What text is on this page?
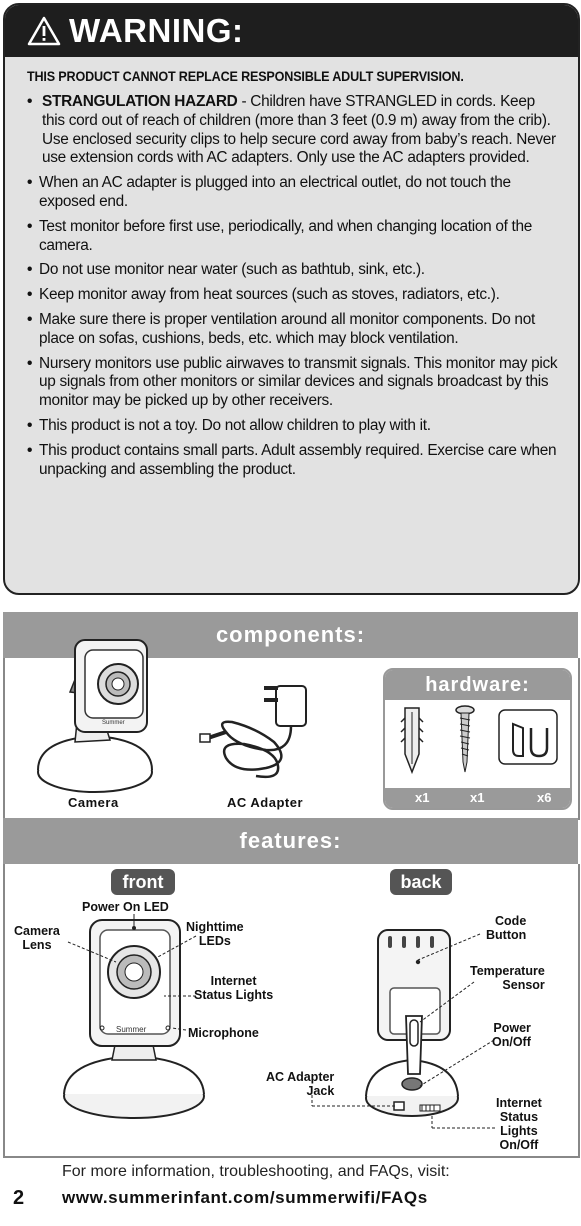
WARNING:

THIS PRODUCT CANNOT REPLACE RESPONSIBLE ADULT SUPERVISION.

• STRANGULATION HAZARD - Children have STRANGLED in cords. Keep this cord out of reach of children (more than 3 feet (0.9 m) away from the crib). Use enclosed security clips to help secure cord away from baby’s reach. Never use extension cords with AC adapters. Only use the AC adapters provided.
• When an AC adapter is plugged into an electrical outlet, do not touch the exposed end.
• Test monitor before first use, periodically, and when changing location of the camera.
• Do not use monitor near water (such as bathtub, sink, etc.).
• Keep monitor away from heat sources (such as stoves, radiators, etc.).
• Make sure there is proper ventilation around all monitor components. Do not place on sofas, cushions, beds, etc. which may block ventilation.
• Nursery monitors use public airwaves to transmit signals. This monitor may pick up signals from other monitors or similar devices and signals broadcast by this monitor may be picked up by other receivers.
• This product is not a toy. Do not allow children to play with it.
• This product contains small parts. Adult assembly required. Exercise care when unpacking and assembling the product.
components:
Summer
Camera	AC Adapter
hardware:
x1	x1	x6
features:
front	back
Summer
Power On LED
Camera
Lens
Nighttime
LEDs
Internet
Status Lights
Microphone
Code
Button
Temperature
Sensor
Power
On/Off
AC Adapter
Jack
Internet
Status
Lights
On/Off
For more information, troubleshooting, and FAQs, visit:
2 www.summerinfant.com/summerwifi/FAQs
